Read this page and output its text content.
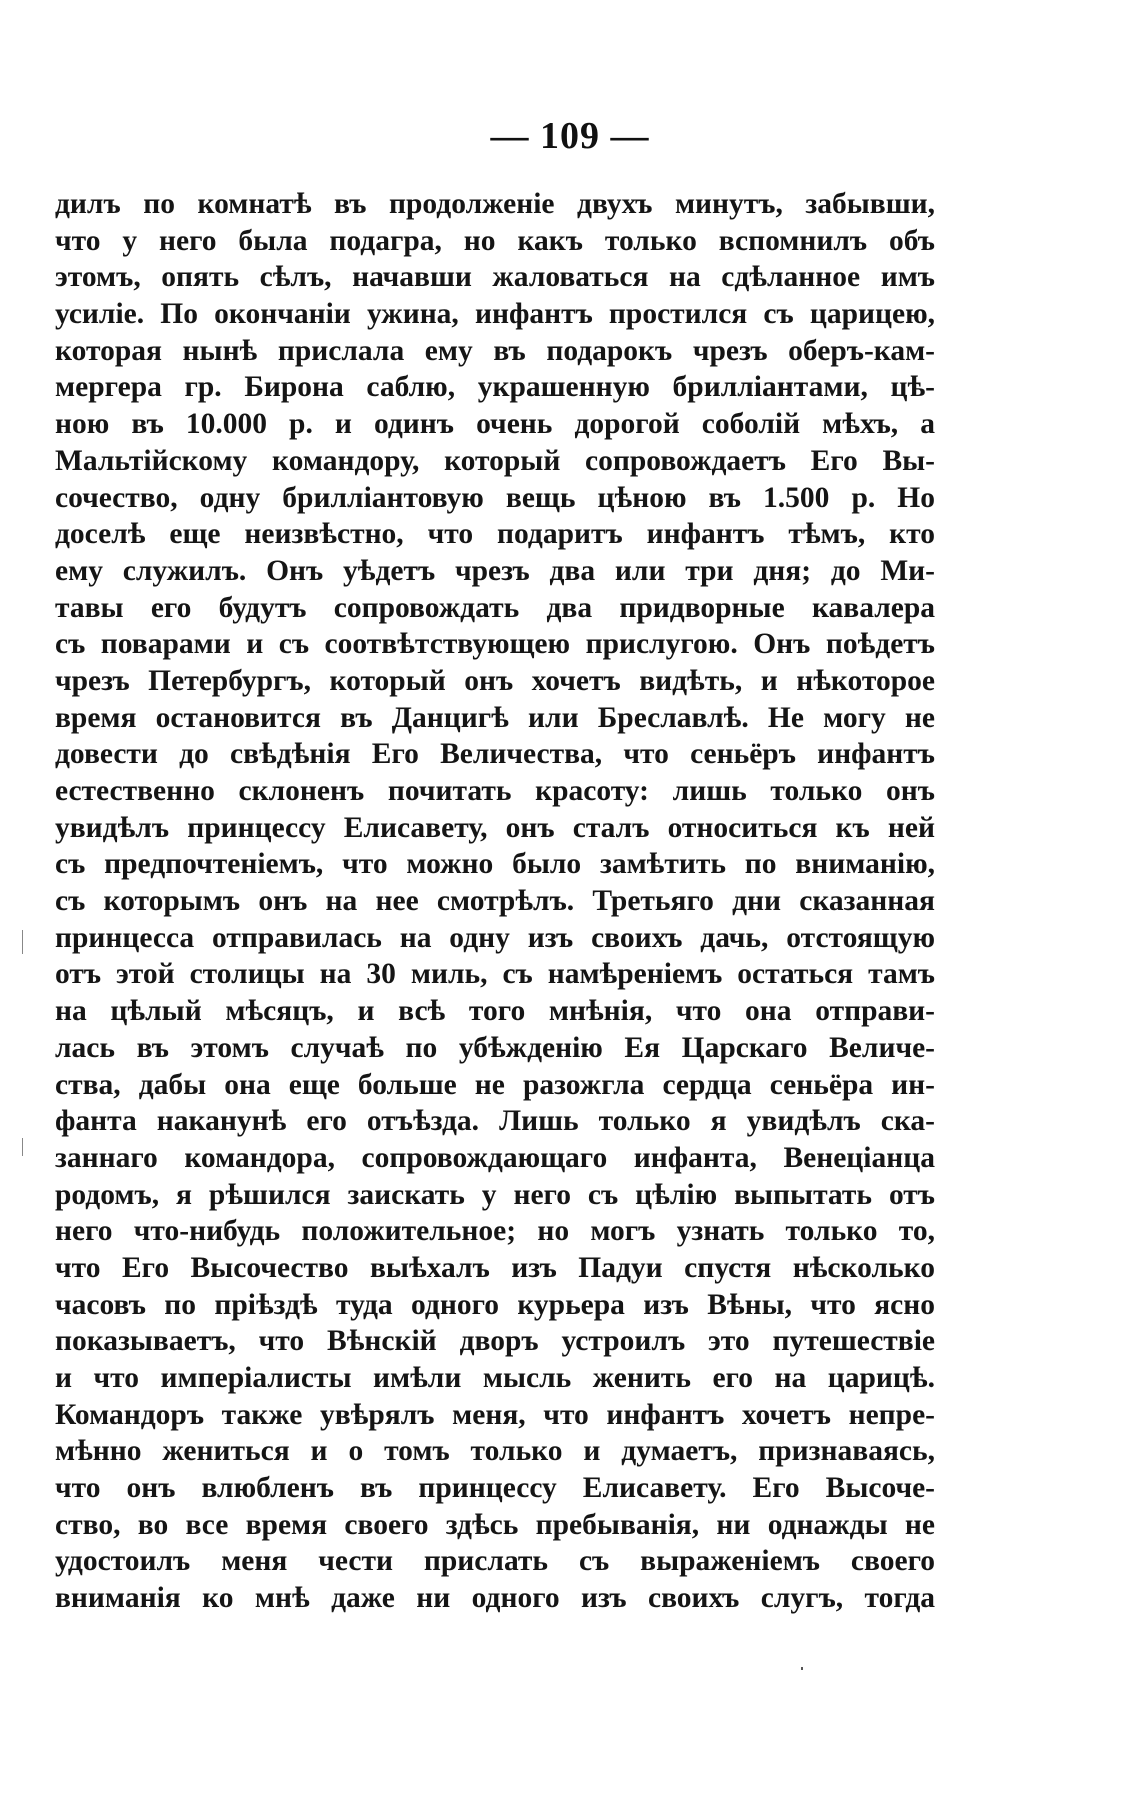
— 109 —
дилъ по комнатѣ въ продолженіе двухъ минутъ, забывши,
что у него была подагра, но какъ только вспомнилъ объ
этомъ, опять сѣлъ, начавши жаловаться на сдѣланное имъ
усиліе. По окончаніи ужина, инфантъ простился съ царицею,
которая нынѣ прислала ему въ подарокъ чрезъ оберъ-кам-
мергера гр. Бирона саблю, украшенную бриллiантами, цѣ-
ною въ 10.000 р. и одинъ очень дорогой соболій мѣхъ, а
Мальтійскому командору, который сопровождаетъ Его Вы-
сочество, одну бриллiантовую вещь цѣною въ 1.500 р. Но
доселѣ еще неизвѣстно, что подаритъ инфантъ тѣмъ, кто
ему служилъ. Онъ уѣдетъ чрезъ два или три дня; до Ми-
тавы его будутъ сопровождать два придворные кавалера
съ поварами и съ соотвѣтствующею прислугою. Онъ поѣдетъ
чрезъ Петербургъ, который онъ хочетъ видѣть, и нѣкоторое
время остановится въ Данцигѣ или Бреславлѣ. Не могу не
довести до свѣдѣнія Его Величества, что сеньёръ инфантъ
естественно склоненъ почитать красоту: лишь только онъ
увидѣлъ принцессу Елисавету, онъ сталъ относиться къ ней
съ предпочтеніемъ, что можно было замѣтить по вниманію,
съ которымъ онъ на нее смотрѣлъ. Третьяго дни сказанная
принцесса отправилась на одну изъ своихъ дачь, отстоящую
отъ этой столицы на 30 миль, съ намѣреніемъ остаться тамъ
на цѣлый мѣсяцъ, и всѣ того мнѣнія, что она отправи-
лась въ этомъ случаѣ по убѣжденію Ея Царскаго Величе-
ства, дабы она еще больше не разожгла сердца сеньёра ин-
фанта наканунѣ его отъѣзда. Лишь только я увидѣлъ ска-
заннаго командора, сопровождающаго инфанта, Венеціанца
родомъ, я рѣшился заискать у него съ цѣлію выпытать отъ
него что-нибудь положительное; но могъ узнать только то,
что Его Высочество выѣхалъ изъ Падуи спустя нѣсколько
часовъ по пріѣздѣ туда одного курьера изъ Вѣны, что ясно
показываетъ, что Вѣнскій дворъ устроилъ это путешествіе
и что имперіалисты имѣли мысль женить его на царицѣ.
Командоръ также увѣрялъ меня, что инфантъ хочетъ непре-
мѣнно жениться и о томъ только и думаетъ, признаваясь,
что онъ влюбленъ въ принцессу Елисавету. Его Высоче-
ство, во все время своего здѣсь пребыванія, ни однажды не
удостоилъ меня чести прислать съ выраженіемъ своего
вниманія ко мнѣ даже ни одного изъ своихъ слугъ, тогда
